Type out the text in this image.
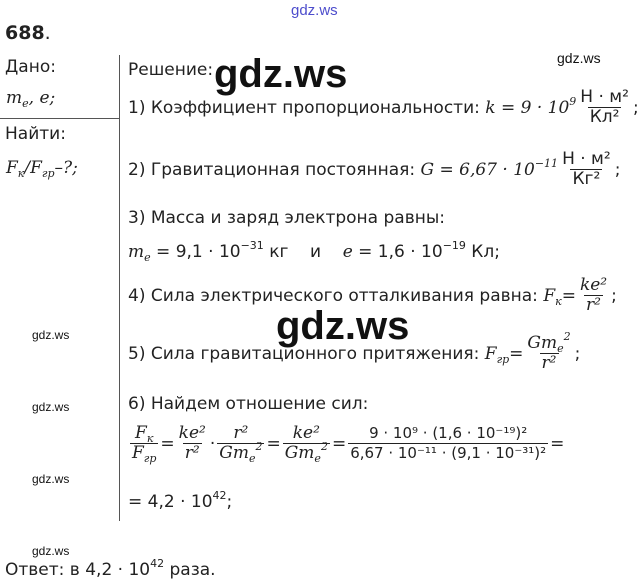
gdz.ws
gdz.ws
688.
Дано:
$m_e$, e;
Найти:
$F_к/F_{гр}-$?;
Решение:
1) Коэффициент пропорциональности:
$k = 9 \cdot 10^9 \frac{\text{Н · м²}}{\text{Кл²}}$ ;
2) Гравитационная постоянная:
$G = 6,67 \cdot 10^{-11} \frac{\text{Н · м²}}{\text{Кг²}}$ ;
3) Масса и заряд электрона равны:
$m_e = 9,1 \cdot 10^{-31}$ кг    и    $e = 1,6 \cdot 10^{-19}$ Кл;
4) Сила электрического отталкивания равна:
$F_к = \frac{\text{ke²}}{\text{r²}}$ ;
5) Сила гравитационного притяжения:
$F_{гр} = \frac{Gm_e^2}{\text{r²}}$ ;
6) Найдем отношение сил:
$\frac{F_к}{F_{гр}} = \frac{\text{ke²}}{\text{r²}} \cdot \frac{\text{r²}}{Gm_e^2} = \frac{\text{ke²}}{Gm_e^2} = \frac{\text{9 · 10⁹ · (1,6 · 10⁻¹⁹)²}}{\text{6,67 · 10⁻¹¹ · (9,1 · 10⁻³¹)²}}$ =
= $4,2 \cdot 10^{42}$;
Ответ: в $4,2 \cdot 10^{42}$ раза.
gdz.ws
gdz.ws
gdz.ws
gdz.ws
gdz.ws
gdz.ws
